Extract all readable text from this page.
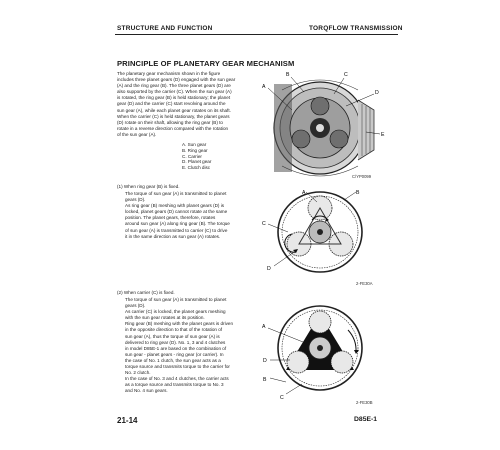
STRUCTURE AND FUNCTION	TORQFLOW TRANSMISSION
PRINCIPLE OF PLANETARY GEAR MECHANISM
The planetary gear mechanism shown in the figure
includes three planet gears (D) engaged with the sun gear
(A) and the ring gear (B). The three planet gears (D) are
also supported by the carrier (C). When the sun gear (A)
is rotated, the ring gear (B) is held stationary; the planet
gear (D) and the carrier (C) start revolving around the
sun gear (A), while each planet gear rotates on its shaft.
When the carrier (C) is held stationary, the planet gears
(D) rotate on their shaft, allowing the ring gear (B) to
rotate in a reverse direction compared with the rotation
of the sun gear (A).
A. Sun gear
B. Ring gear
C. Carrier
D. Planet gear
E. Clutch disc
B	C
A
D
E
C/YP0099
(1) When ring gear (B) is fixed.
The torque of sun gear (A) is transmitted to planet
gears (D).
As ring gear (B) meshing with planet gears (D) is
locked, planet gears (D) cannot rotate at the same
position. The planet gears, therefore, rotates
around sun gear (A) along ring gear (B). The torque
of sun gear (A) is transmitted to carrier (C) to drive
it in the same direction as sun gear (A) rotates.
A	B
C
D
2-FE30A
(2) When carrier (C) is fixed.
The torque of sun gear (A) is transmitted to planet
gears (D).
As carrier (C) is locked, the planet gears meshing
with the sun gear rotates at its position.
Ring gear (B) meshing with the planet gears is driven
in the opposite direction to that of the rotation of
sun gear (A), thus the torque of sun gear (A) is
delivered to ring gear (D). No. 1, 3 and 4 clutches
in model D85E-1 are based on the combination of
sun gear - planet gears - ring gear (or carrier). In
the case of No. 1 clutch, the sun gear acts as a
torque source and transmits torque to the carrier for
No. 2 clutch.
In the case of No. 3 and 4 clutches, the carrier acts
as a torque source and transmits torque to No. 3
and No. 4 sun gears.
A
D
B
C
2-FE30B
21-14	D85E-1
